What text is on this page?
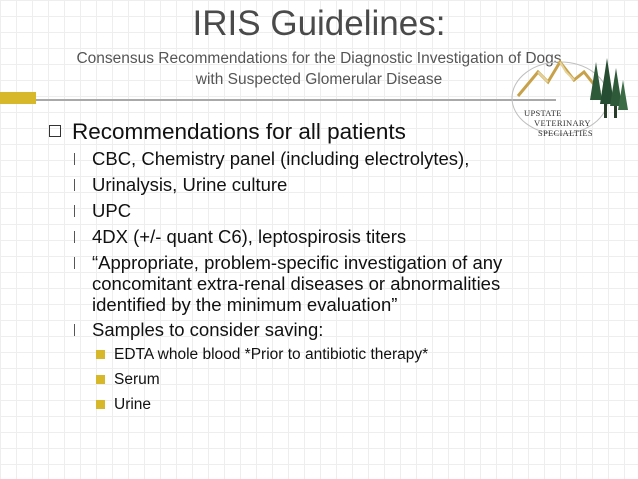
IRIS Guidelines:
Consensus Recommendations for the Diagnostic Investigation of Dogs
with Suspected Glomerular Disease
UPSTATE
VETERINARY
SPECIALTIES
Recommendations for all patients
CBC, Chemistry panel (including electrolytes),
Urinalysis, Urine culture
UPC
4DX (+/- quant C6), leptospirosis titers
“Appropriate, problem-specific investigation of any concomitant extra-renal diseases or abnormalities identified by the minimum evaluation”
Samples to consider saving:
EDTA whole blood *Prior to antibiotic therapy*
Serum
Urine
